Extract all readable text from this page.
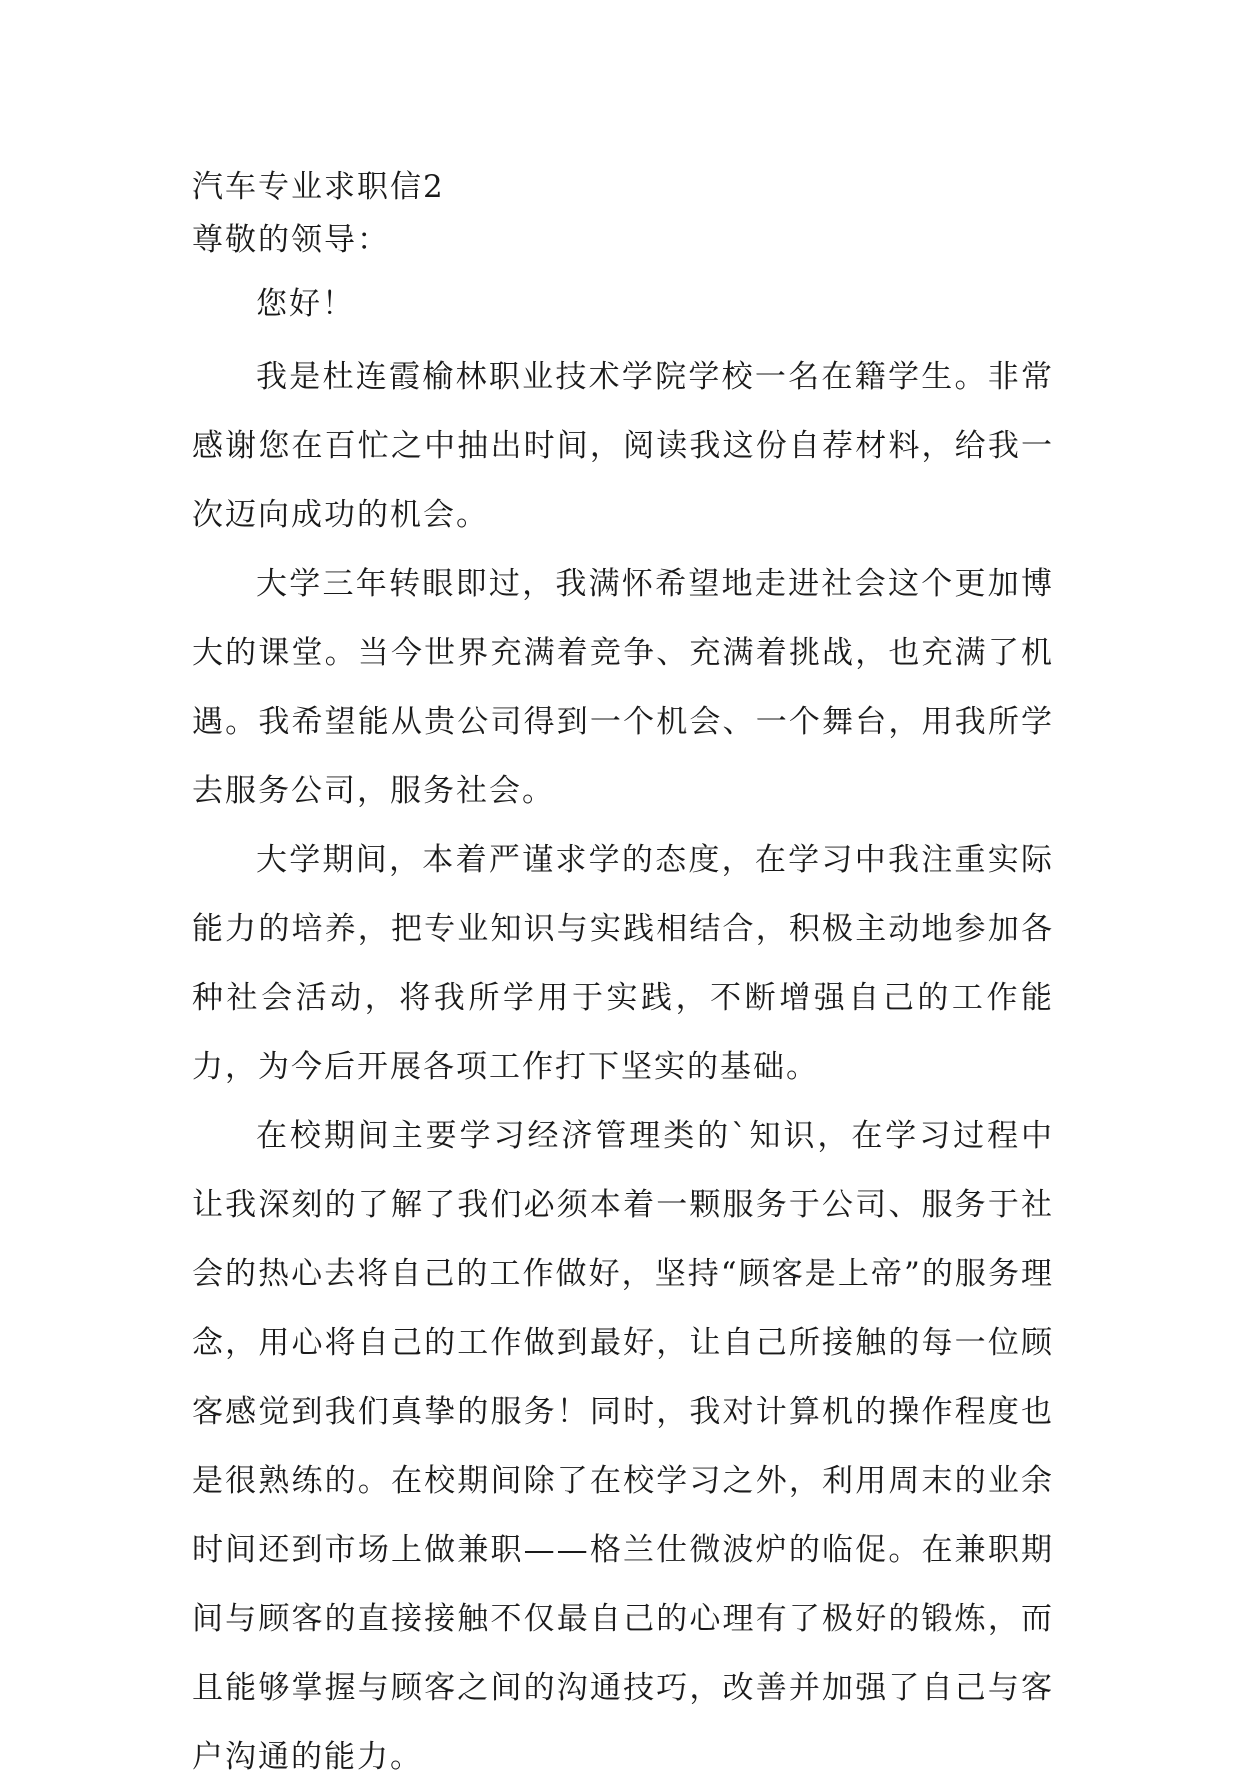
汽车专业求职信2

尊敬的领导：

您好！

我是杜连霞榆林职业技术学院学校一名在籍学生。非常感谢您在百忙之中抽出时间，阅读我这份自荐材料，给我一次迈向成功的机会。

大学三年转眼即过，我满怀希望地走进社会这个更加博大的课堂。当今世界充满着竞争、充满着挑战，也充满了机遇。我希望能从贵公司得到一个机会、一个舞台，用我所学去服务公司，服务社会。

大学期间，本着严谨求学的态度，在学习中我注重实际能力的培养，把专业知识与实践相结合，积极主动地参加各种社会活动，将我所学用于实践，不断增强自己的工作能力，为今后开展各项工作打下坚实的基础。

在校期间主要学习经济管理类的`知识，在学习过程中让我深刻的了解了我们必须本着一颗服务于公司、服务于社会的热心去将自己的工作做好，坚持“顾客是上帝”的服务理念，用心将自己的工作做到最好，让自己所接触的每一位顾客感觉到我们真挚的服务！同时，我对计算机的操作程度也是很熟练的。在校期间除了在校学习之外，利用周末的业余时间还到市场上做兼职——格兰仕微波炉的临促。在兼职期间与顾客的直接接触不仅最自己的心理有了极好的锻炼，而且能够掌握与顾客之间的沟通技巧，改善并加强了自己与客户沟通的能力。
